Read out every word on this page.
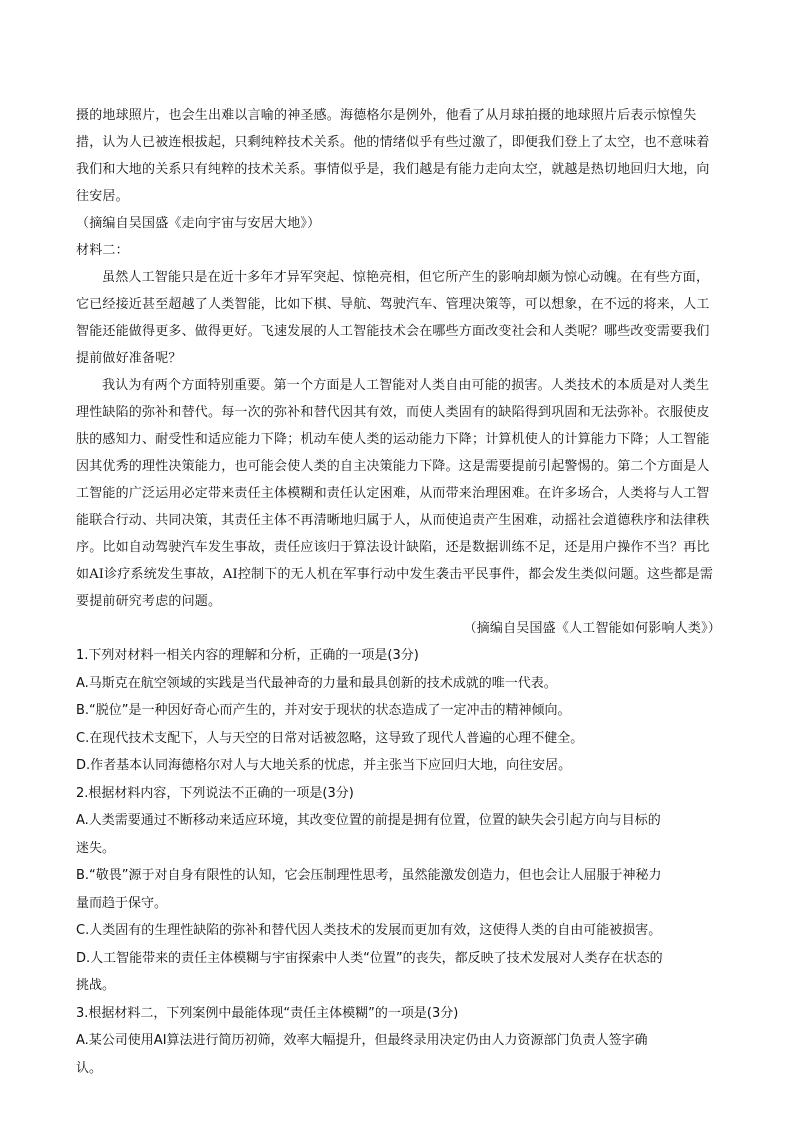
摄的地球照片，也会生出难以言喻的神圣感。海德格尔是例外，他看了从月球拍摄的地球照片后表示惊惶失措，认为人已被连根拔起，只剩纯粹技术关系。他的情绪似乎有些过激了，即便我们登上了太空，也不意味着我们和大地的关系只有纯粹的技术关系。事情似乎是，我们越是有能力走向太空，就越是热切地回归大地，向往安居。

（摘编自吴国盛《走向宇宙与安居大地》）

材料二：

虽然人工智能只是在近十多年才异军突起、惊艳亮相，但它所产生的影响却颇为惊心动魄。在有些方面，它已经接近甚至超越了人类智能，比如下棋、导航、驾驶汽车、管理决策等，可以想象，在不远的将来，人工智能还能做得更多、做得更好。飞速发展的人工智能技术会在哪些方面改变社会和人类呢？哪些改变需要我们提前做好准备呢？

我认为有两个方面特别重要。第一个方面是人工智能对人类自由可能的损害。人类技术的本质是对人类生理性缺陷的弥补和替代。每一次的弥补和替代因其有效，而使人类固有的缺陷得到巩固和无法弥补。衣服使皮肤的感知力、耐受性和适应能力下降；机动车使人类的运动能力下降；计算机使人的计算能力下降；人工智能因其优秀的理性决策能力，也可能会使人类的自主决策能力下降。这是需要提前引起警惕的。第二个方面是人工智能的广泛运用必定带来责任主体模糊和责任认定困难，从而带来治理困难。在许多场合，人类将与人工智能联合行动、共同决策，其责任主体不再清晰地归属于人，从而使追责产生困难，动摇社会道德秩序和法律秩序。比如自动驾驶汽车发生事故，责任应该归于算法设计缺陷，还是数据训练不足，还是用户操作不当？再比如AI诊疗系统发生事故，AI控制下的无人机在军事行动中发生袭击平民事件，都会发生类似问题。这些都是需要提前研究考虑的问题。

（摘编自吴国盛《人工智能如何影响人类》）

1.下列对材料一相关内容的理解和分析，正确的一项是(3分)

A.马斯克在航空领域的实践是当代最神奇的力量和最具创新的技术成就的唯一代表。

B.“脱位”是一种因好奇心而产生的，并对安于现状的状态造成了一定冲击的精神倾向。

C.在现代技术支配下，人与天空的日常对话被忽略，这导致了现代人普遍的心理不健全。

D.作者基本认同海德格尔对人与大地关系的忧虑，并主张当下应回归大地，向往安居。

2.根据材料内容，下列说法不正确的一项是(3分)

A.人类需要通过不断移动来适应环境，其改变位置的前提是拥有位置，位置的缺失会引起方向与目标的迷失。

B.“敬畏”源于对自身有限性的认知，它会压制理性思考，虽然能激发创造力，但也会让人屈服于神秘力量而趋于保守。

C.人类固有的生理性缺陷的弥补和替代因人类技术的发展而更加有效，这使得人类的自由可能被损害。

D.人工智能带来的责任主体模糊与宇宙探索中人类“位置”的丧失，都反映了技术发展对人类存在状态的挑战。

3.根据材料二，下列案例中最能体现“责任主体模糊”的一项是(3分)

A.某公司使用AI算法进行简历初筛，效率大幅提升，但最终录用决定仍由人力资源部门负责人签字确认。
